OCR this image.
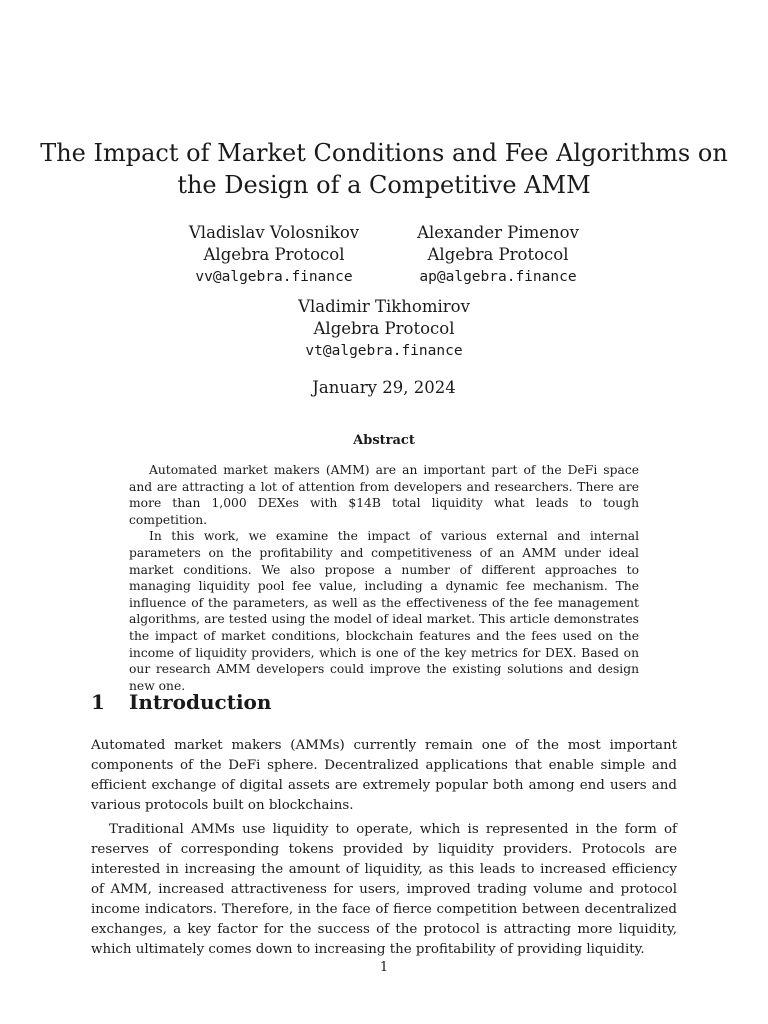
The Impact of Market Conditions and Fee Algorithms on the Design of a Competitive AMM
Vladislav Volosnikov
Algebra Protocol
vv@algebra.finance
Alexander Pimenov
Algebra Protocol
ap@algebra.finance
Vladimir Tikhomirov
Algebra Protocol
vt@algebra.finance
January 29, 2024
Abstract

Automated market makers (AMM) are an important part of the DeFi space and are attracting a lot of attention from developers and researchers. There are more than 1,000 DEXes with $14B total liquidity what leads to tough competition.

In this work, we examine the impact of various external and internal parameters on the profitability and competitiveness of an AMM under ideal market conditions. We also propose a number of different approaches to managing liquidity pool fee value, including a dynamic fee mechanism. The influence of the parameters, as well as the effectiveness of the fee management algorithms, are tested using the model of ideal market. This article demonstrates the impact of market conditions, blockchain features and the fees used on the income of liquidity providers, which is one of the key metrics for DEX. Based on our research AMM developers could improve the existing solutions and design new one.

1 Introduction

Automated market makers (AMMs) currently remain one of the most important components of the DeFi sphere. Decentralized applications that enable simple and efficient exchange of digital assets are extremely popular both among end users and various protocols built on blockchains.

Traditional AMMs use liquidity to operate, which is represented in the form of reserves of corresponding tokens provided by liquidity providers. Protocols are interested in increasing the amount of liquidity, as this leads to increased efficiency of AMM, increased attractiveness for users, improved trading volume and protocol income indicators. Therefore, in the face of fierce competition between decentralized exchanges, a key factor for the success of the protocol is attracting more liquidity, which ultimately comes down to increasing the profitability of providing liquidity.

1
